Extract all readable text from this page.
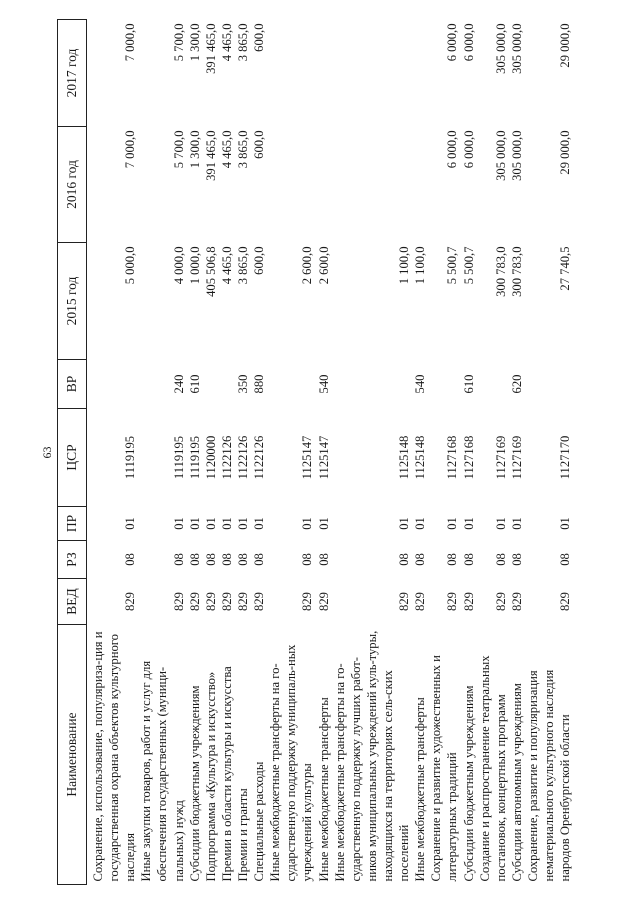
63
Наименование	ВЕД	РЗ	ПР	ЦСР	ВР	2015 год	2016 год	2017 год
Сохранение, использование, популяриза-ция и государственная охрана объектов культурного наследия	829	08	01	1119195		5 000,0	7 000,0	7 000,0
Иные закупки товаров, работ и услуг для обеспечения государственных (муници-пальных) нужд	829	08	01	1119195	240	4 000,0	5 700,0	5 700,0
Субсидии бюджетным учреждениям	829	08	01	1119195	610	1 000,0	1 300,0	1 300,0
Подпрограмма «Культура и искусство»	829	08	01	1120000		405 506,8	391 465,0	391 465,0
Премии в области культуры и искусства	829	08	01	1122126		4 465,0	4 465,0	4 465,0
Премии и гранты	829	08	01	1122126	350	3 865,0	3 865,0	3 865,0
Специальные расходы	829	08	01	1122126	880	600,0	600,0	600,0
Иные межбюджетные трансферты на го-сударственную поддержку муниципаль-ных учреждений культуры	829	08	01	1125147		2 600,0		
Иные межбюджетные трансферты	829	08	01	1125147	540	2 600,0		
Иные межбюджетные трансферты на го-сударственную поддержку лучших работ-ников муниципальных учреждений куль-туры, находящихся на территориях сель-ских поселений	829	08	01	1125148		1 100,0		
Иные межбюджетные трансферты	829	08	01	1125148	540	1 100,0		
Сохранение и развитие художественных и литературных традиций	829	08	01	1127168		5 500,7	6 000,0	6 000,0
Субсидии бюджетным учреждениям	829	08	01	1127168	610	5 500,7	6 000,0	6 000,0
Создание и распространение театральных постановок, концертных программ	829	08	01	1127169		300 783,0	305 000,0	305 000,0
Субсидии автономным учреждениям	829	08	01	1127169	620	300 783,0	305 000,0	305 000,0
Сохранение, развитие и популяризация нематериального культурного наследия народов Оренбургской области	829	08	01	1127170		27 740,5	29 000,0	29 000,0
